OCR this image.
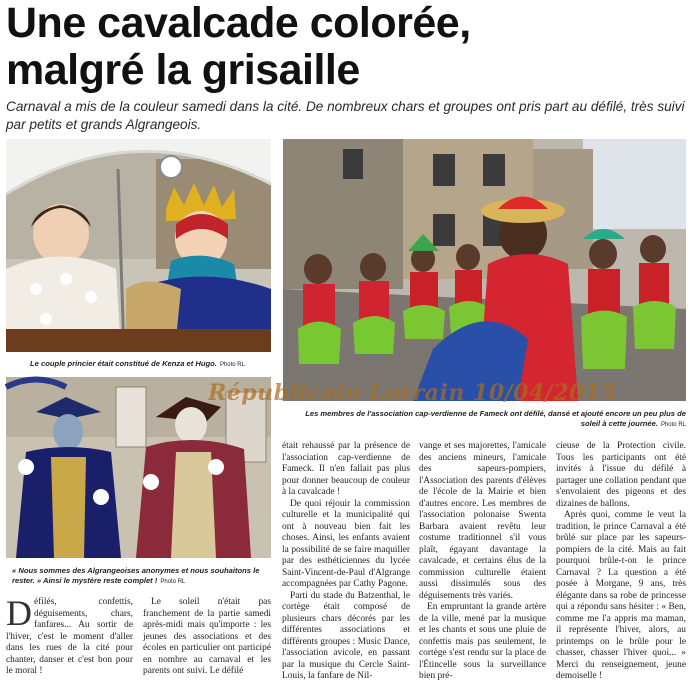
Une cavalcade colorée,
malgré la grisaille

Carnaval a mis de la couleur samedi dans la cité. De nombreux chars et groupes ont pris part au défilé, très suivi par petits et grands Algrangeois.

Le couple princier était constitué de Kenza et Hugo. Photo RL
Les membres de l'association cap-verdienne de Fameck ont défilé, dansé et ajouté encore un peu plus de soleil à cette journée. Photo RL
« Nous sommes des Algrangeoises anonymes et nous souhaitons le rester. » Ainsi le mystère reste complet ! Photo RL
Républicain Lorrain 10/04/2015

Défilés, confettis, déguisements, chars, fanfares... Au sortir de l'hiver, c'est le moment d'aller dans les rues de la cité pour chanter, danser et c'est bon pour le moral !

Le soleil n'était pas franchement de la partie samedi après-midi mais qu'importe : les jeunes des associations et des écoles en particulier ont participé en nombre au carnaval et les parents ont suivi. Le défilé

était rehaussé par la présence de l'association cap-verdienne de Fameck. Il n'en fallait pas plus pour donner beaucoup de couleur à la cavalcade !

De quoi réjouir la commission culturelle et la municipalité qui ont à nouveau bien fait les choses. Ainsi, les enfants avaient la possibilité de se faire maquiller par des esthéticiennes du lycée Saint-Vincent-de-Paul d'Algrange accompagnées par Cathy Pagone.

Parti du stade du Batzenthal, le cortège était composé de plusieurs chars décorés par les différentes associations et différents groupes : Music Dance, l'association avicole, en passant par la musique du Cercle Saint-Louis, la fanfare de Nil-

vange et ses majorettes, l'amicale des anciens mineurs, l'amicale des sapeurs-pompiers, l'Association des parents d'élèves de l'école de la Mairie et bien d'autres encore. Les membres de l'association polonaise Swenta Barbara avaient revêtu leur costume traditionnel s'il vous plaît, égayant davantage la cavalcade, et certains élus de la commission culturelle étaient aussi dissimulés sous des déguisements très variés.

En empruntant la grande artère de la ville, mené par la musique et les chants et sous une pluie de confettis mais pas seulement, le cortège s'est rendu sur la place de l'Étincelle sous la surveillance bien pré-

cieuse de la Protection civile. Tous les participants ont été invités à l'issue du défilé à partager une collation pendant que s'envolaient des pigeons et des dizaines de ballons.

Après quoi, comme le veut la tradition, le prince Carnaval a été brûlé sur place par les sapeurs-pompiers de la cité. Mais au fait pourquoi brûle-t-on le prince Carnaval ? La question a été posée à Morgane, 9 ans, très élégante dans sa robe de princesse qui a répondu sans hésiter : « Ben, comme me l'a appris ma maman, il représente l'hiver, alors, au printemps on le brûle pour le chasser, chasser l'hiver quoi... » Merci du renseignement, jeune demoiselle !
